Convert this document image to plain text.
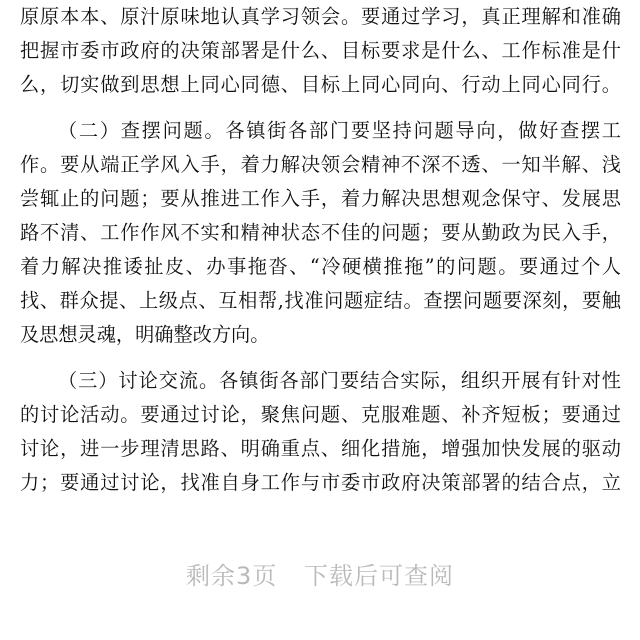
原原本本、原汁原味地认真学习领会。要通过学习，真正理解和准确
把握市委市政府的决策部署是什么、目标要求是什么、工作标准是什
么，切实做到思想上同心同德、目标上同心同向、行动上同心同行。
（二）查摆问题。各镇街各部门要坚持问题导向，做好查摆工
作。要从端正学风入手，着力解决领会精神不深不透、一知半解、浅
尝辄止的问题；要从推进工作入手，着力解决思想观念保守、发展思
路不清、工作作风不实和精神状态不佳的问题；要从勤政为民入手，
着力解决推诿扯皮、办事拖沓、“冷硬横推拖”的问题。要通过个人
找、群众提、上级点、互相帮,找准问题症结。查摆问题要深刻，要触
及思想灵魂，明确整改方向。
（三）讨论交流。各镇街各部门要结合实际，组织开展有针对性
的讨论活动。要通过讨论，聚焦问题、克服难题、补齐短板；要通过
讨论，进一步理清思路、明确重点、细化措施，增强加快发展的驱动
力；要通过讨论，找准自身工作与市委市政府决策部署的结合点，立
剩余3页 下载后可查阅
